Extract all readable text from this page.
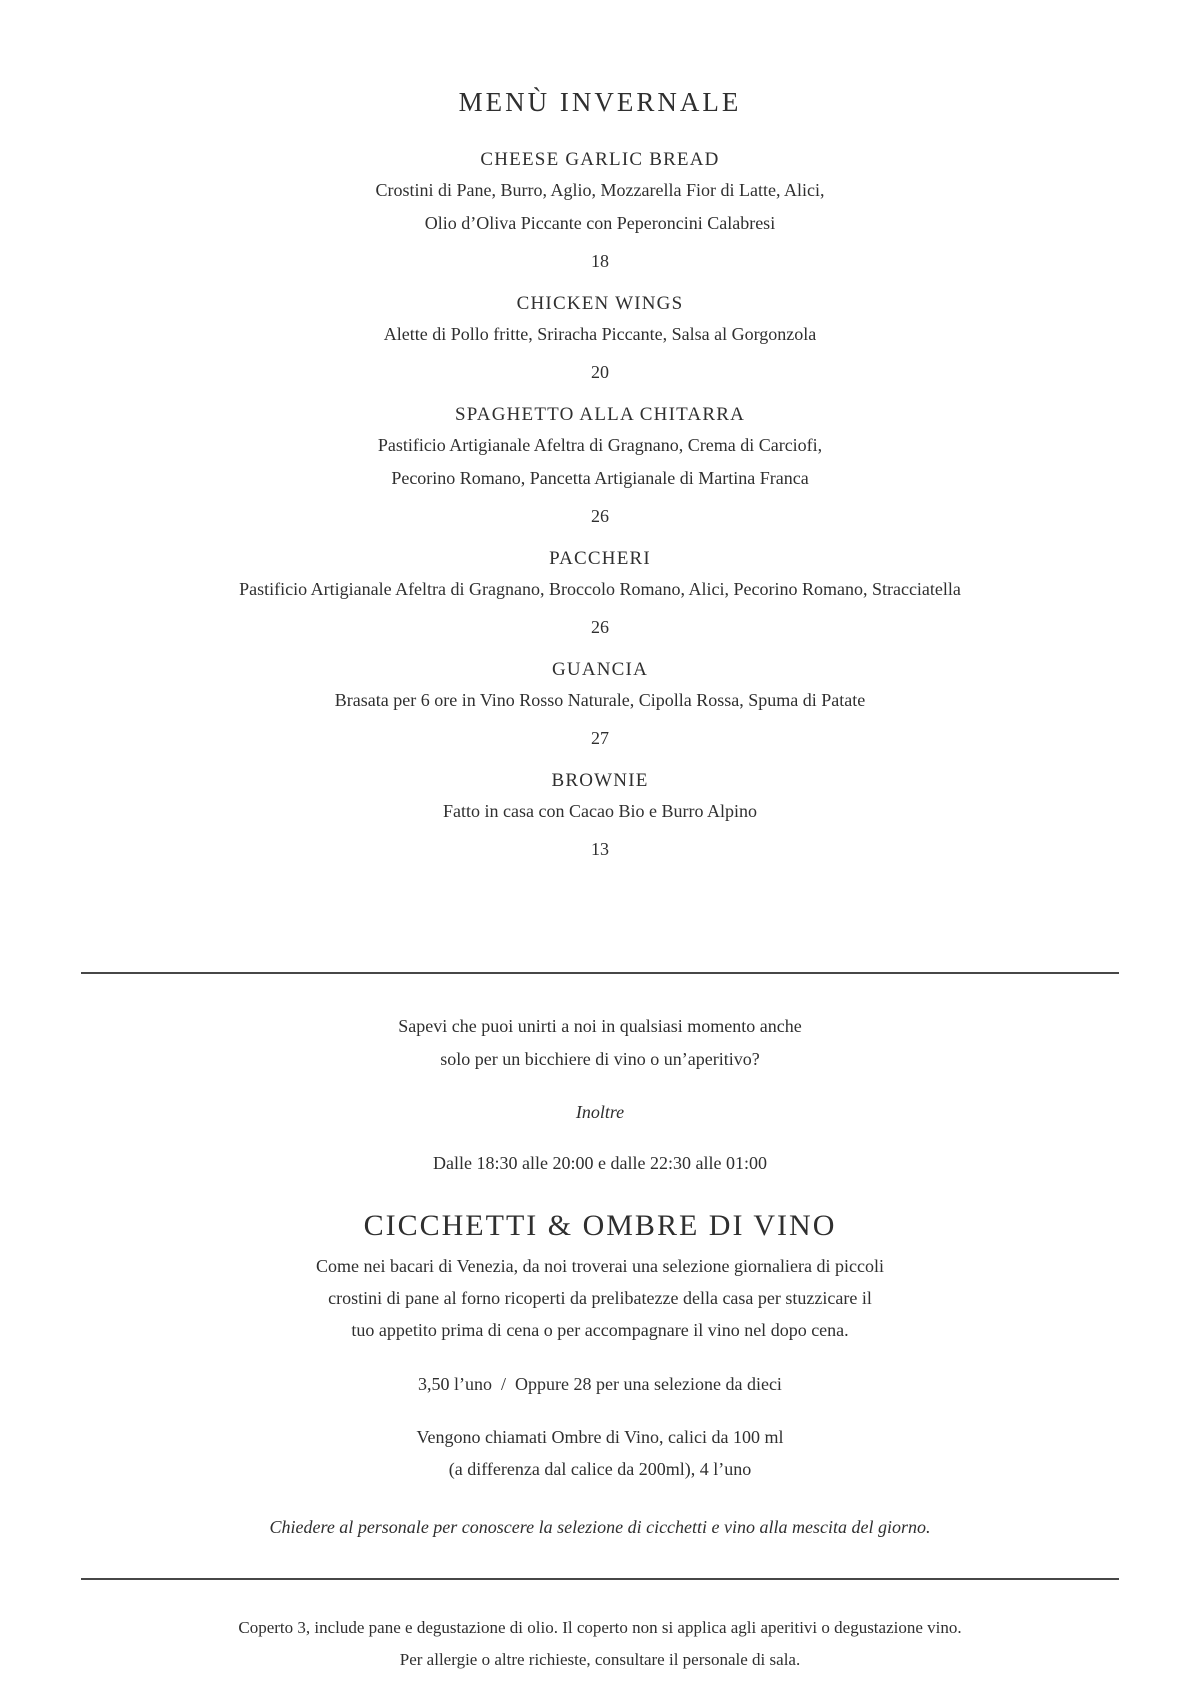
MENÙ INVERNALE
CHEESE GARLIC BREAD
Crostini di Pane, Burro, Aglio, Mozzarella Fior di Latte, Alici,
Olio d’Oliva Piccante con Peperoncini Calabresi
18
CHICKEN WINGS
Alette di Pollo fritte, Sriracha Piccante, Salsa al Gorgonzola
20
SPAGHETTO ALLA CHITARRA
Pastificio Artigianale Afeltra di Gragnano, Crema di Carciofi,
Pecorino Romano, Pancetta Artigianale di Martina Franca
26
PACCHERI
Pastificio Artigianale Afeltra di Gragnano, Broccolo Romano, Alici, Pecorino Romano, Stracciatella
26
GUANCIA
Brasata per 6 ore in Vino Rosso Naturale, Cipolla Rossa, Spuma di Patate
27
BROWNIE
Fatto in casa con Cacao Bio e Burro Alpino
13
Sapevi che puoi unirti a noi in qualsiasi momento anche
solo per un bicchiere di vino o un’aperitivo?
Inoltre
Dalle 18:30 alle 20:00 e dalle 22:30 alle 01:00
CICCHETTI & OMBRE DI VINO
Come nei bacari di Venezia, da noi troverai una selezione giornaliera di piccoli
crostini di pane al forno ricoperti da prelibatezze della casa per stuzzicare il
tuo appetito prima di cena o per accompagnare il vino nel dopo cena.
3,50 l’uno  /  Oppure 28 per una selezione da dieci
Vengono chiamati Ombre di Vino, calici da 100 ml
(a differenza dal calice da 200ml), 4 l’uno
Chiedere al personale per conoscere la selezione di cicchetti e vino alla mescita del giorno.
Coperto 3, include pane e degustazione di olio. Il coperto non si applica agli aperitivi o degustazione vino.
Per allergie o altre richieste, consultare il personale di sala.
